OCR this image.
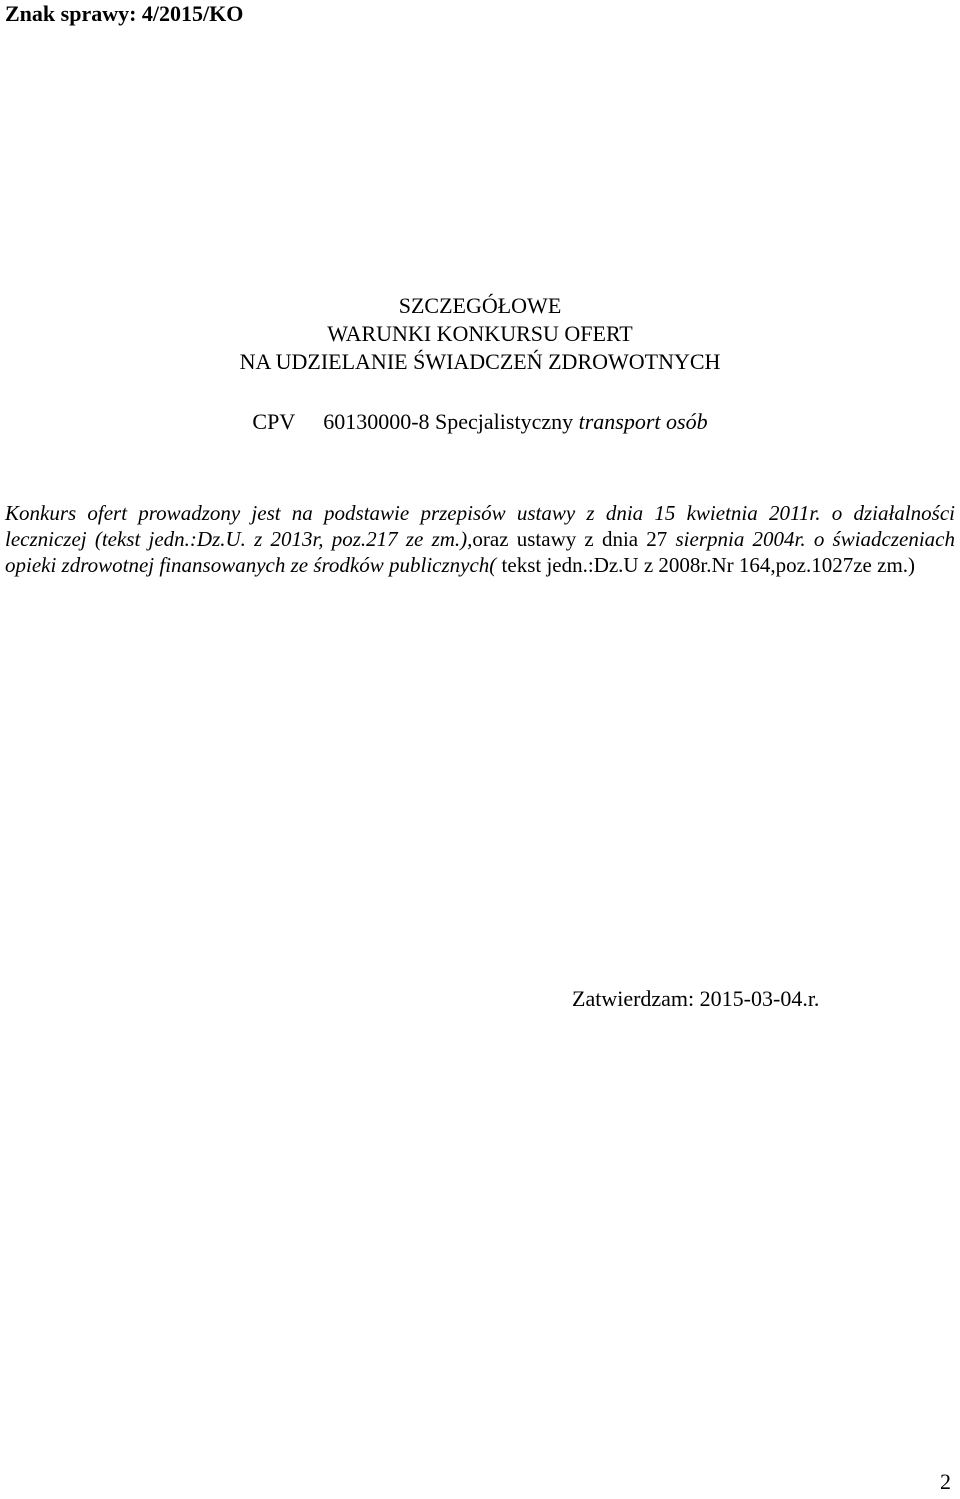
Znak sprawy: 4/2015/KO
SZCZEGÓŁOWE
WARUNKI KONKURSU OFERT
NA UDZIELANIE ŚWIADCZEŃ ZDROWOTNYCH
CPV 60130000-8 Specjalistyczny transport osób
Konkurs ofert prowadzony jest na podstawie przepisów ustawy z dnia 15 kwietnia 2011r. o działalności leczniczej (tekst jedn.:Dz.U. z 2013r, poz.217 ze zm.),oraz ustawy z dnia 27 sierpnia 2004r. o świadczeniach opieki zdrowotnej finansowanych ze środków publicznych( tekst jedn.:Dz.U z 2008r.Nr 164,poz.1027ze zm.)
Zatwierdzam: 2015-03-04.r.
2
